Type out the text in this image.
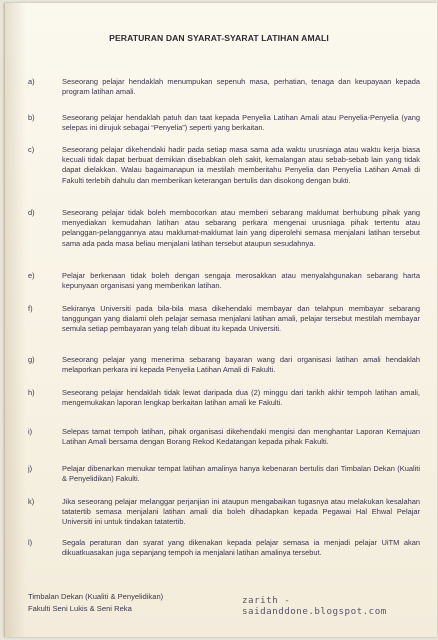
PERATURAN DAN SYARAT-SYARAT LATIHAN AMALI
a)	Seseorang pelajar hendaklah menumpukan sepenuh masa, perhatian, tenaga dan keupayaan kepada program latihan amali.
b)	Seseorang pelajar hendaklah patuh dan taat kepada Penyelia Latihan Amali atau Penyelia-Penyelia (yang selepas ini dirujuk sebagai “Penyelia”) seperti yang berkaitan.
c)	Seseorang pelajar dikehendaki hadir pada setiap masa sama ada waktu urusniaga atau waktu kerja biasa kecuali tidak dapat berbuat demikian disebabkan oleh sakit, kemalangan atau sebab-sebab lain yang tidak dapat dielakkan. Walau bagaimanapun ia mestilah memberitahu Penyelia dan Penyelia Latihan Amali di Fakulti terlebih dahulu dan memberikan keterangan bertulis dan disokong dengan bukti.
d)	Seseorang pelajar tidak boleh membocorkan atau memberi sebarang maklumat berhubung pihak yang menyediakan kemudahan latihan atau sebarang perkara mengenai urusniaga pihak tertentu atau pelanggan-pelanggannya atau maklumat-maklumat lain yang diperolehi semasa menjalani latihan tersebut sama ada pada masa beliau menjalani latihan tersebut ataupun sesudahnya.
e)	Pelajar berkenaan tidak boleh dengan sengaja merosakkan atau menyalahgunakan sebarang harta kepunyaan organisasi yang memberikan latihan.
f)	Sekiranya Universiti pada bila-bila masa dikehendaki membayar dan telahpun membayar sebarang tanggungan yang dialami oleh pelajar semasa menjalani latihan amali, pelajar tersebut mestilah membayar semula setiap pembayaran yang telah dibuat itu kepada Universiti.
g)	Seseorang pelajar yang menerima sebarang bayaran wang dari organisasi latihan amali hendaklah melaporkan perkara ini kepada Penyelia Latihan Amali di Fakulti.
h)	Seseorang pelajar hendaklah tidak lewat daripada dua (2) minggu dari tarikh akhir tempoh latihan amali, mengemukakan laporan lengkap berkaitan latihan amali ke Fakulti.
i)	Selepas tamat tempoh latihan, pihak organisasi dikehendaki mengisi dan menghantar Laporan Kemajuan Latihan Amali bersama dengan Borang Rekod Kedatangan kepada pihak Fakulti.
j)	Pelajar dibenarkan menukar tempat latihan amalinya hanya kebenaran bertulis dari Timbalan Dekan (Kualiti & Penyelidikan) Fakulti.
k)	Jika seseorang pelajar melanggar perjanjian ini ataupun mengabaikan tugasnya atau melakukan kesalahan tatatertib semasa menjalani latihan amali dia boleh dihadapkan kepada Pegawai Hal Ehwal Pelajar Universiti ini untuk tindakan tatatertib.
l)	Segala peraturan dan syarat yang dikenakan kepada pelajar semasa ia menjadi pelajar UiTM akan dikuatkuasakan juga sepanjang tempoh ia menjalani latihan amalinya tersebut.
Timbalan Dekan (Kualiti & Penyelidikan)
Fakulti Seni Lukis & Seni Reka
zarith - saidanddone.blogspot.com
